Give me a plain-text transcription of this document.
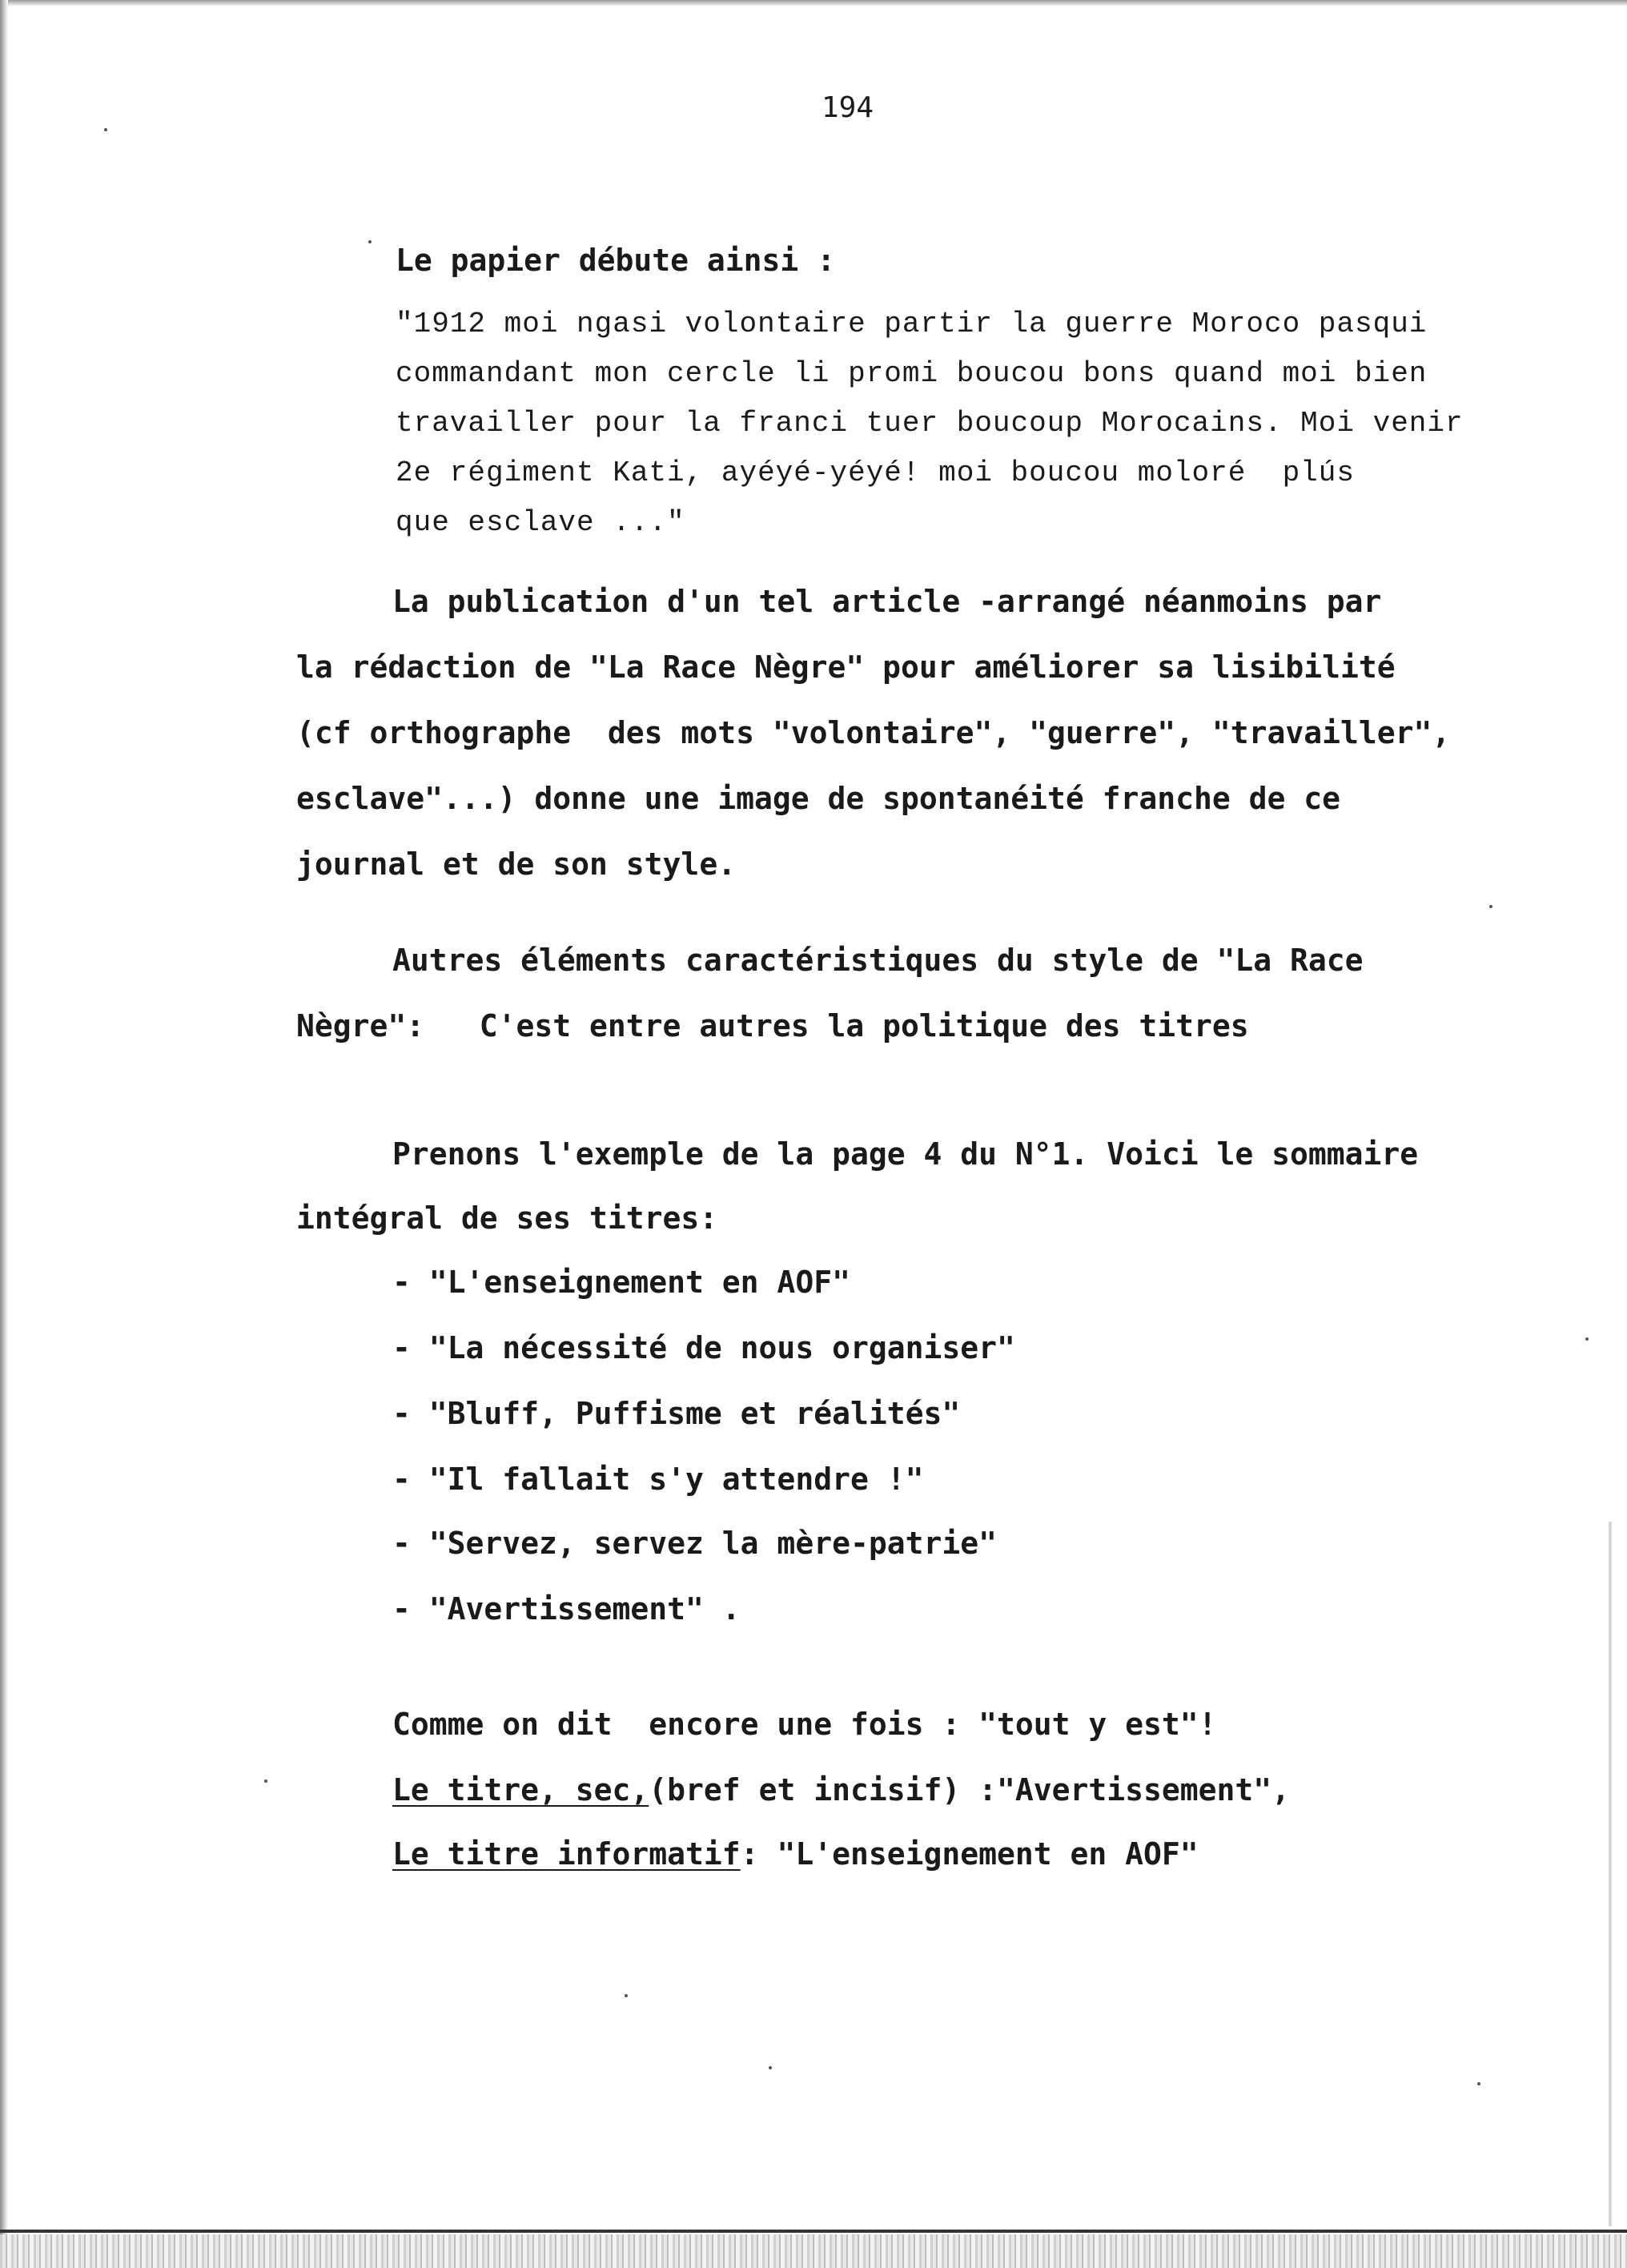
194
Le papier débute ainsi :
"1912 moi ngasi volontaire partir la guerre Moroco pasqui
commandant mon cercle li promi boucou bons quand moi bien
travailler pour la franci tuer boucoup Morocains. Moi venir
2e régiment Kati, ayéyé-yéyé! moi boucou moloré  plús
que esclave ..."
La publication d'un tel article -arrangé néanmoins par
la rédaction de "La Race Nègre" pour améliorer sa lisibilité
(cf orthographe  des mots "volontaire", "guerre", "travailler",
esclave"...) donne une image de spontanéité franche de ce
journal et de son style.
Autres éléments caractéristiques du style de "La Race
Nègre":   C'est entre autres la politique des titres
Prenons l'exemple de la page 4 du N°1. Voici le sommaire
intégral de ses titres:
- "L'enseignement en AOF"
- "La nécessité de nous organiser"
- "Bluff, Puffisme et réalités"
- "Il fallait s'y attendre !"
- "Servez, servez la mère-patrie"
- "Avertissement" .
Comme on dit  encore une fois : "tout y est"!
Le titre, sec,(bref et incisif) :"Avertissement",
Le titre informatif: "L'enseignement en AOF"
